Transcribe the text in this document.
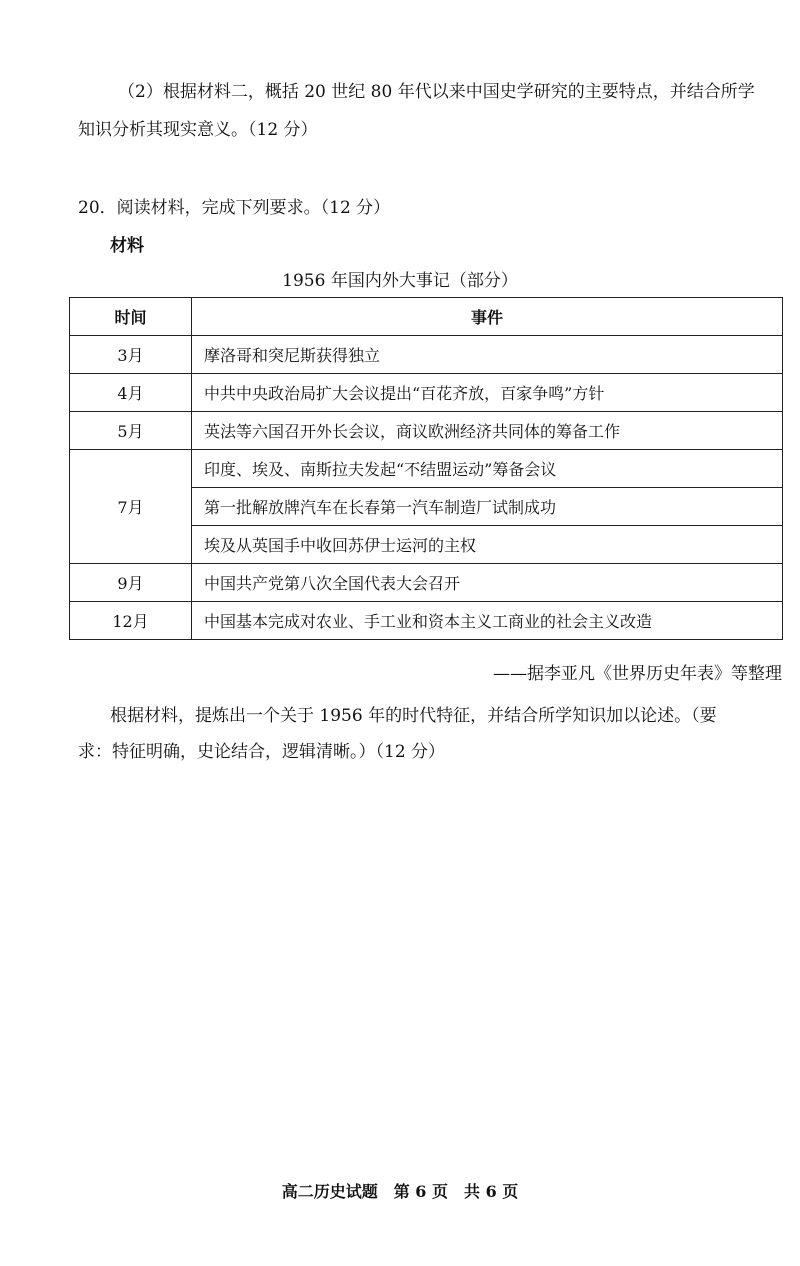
（2）根据材料二，概括 20 世纪 80 年代以来中国史学研究的主要特点，并结合所学
知识分析其现实意义。（12 分）
20．阅读材料，完成下列要求。（12 分）
材料
1956 年国内外大事记（部分）
时间	事件
3月	摩洛哥和突尼斯获得独立
4月	中共中央政治局扩大会议提出“百花齐放，百家争鸣”方针
5月	英法等六国召开外长会议，商议欧洲经济共同体的筹备工作
7月	印度、埃及、南斯拉夫发起“不结盟运动”筹备会议
	第一批解放牌汽车在长春第一汽车制造厂试制成功
	埃及从英国手中收回苏伊士运河的主权
9月	中国共产党第八次全国代表大会召开
12月	中国基本完成对农业、手工业和资本主义工商业的社会主义改造
——据李亚凡《世界历史年表》等整理
根据材料，提炼出一个关于 1956 年的时代特征，并结合所学知识加以论述。（要
求：特征明确，史论结合，逻辑清晰。）（12 分）
高二历史试题　第 6 页　共 6 页
